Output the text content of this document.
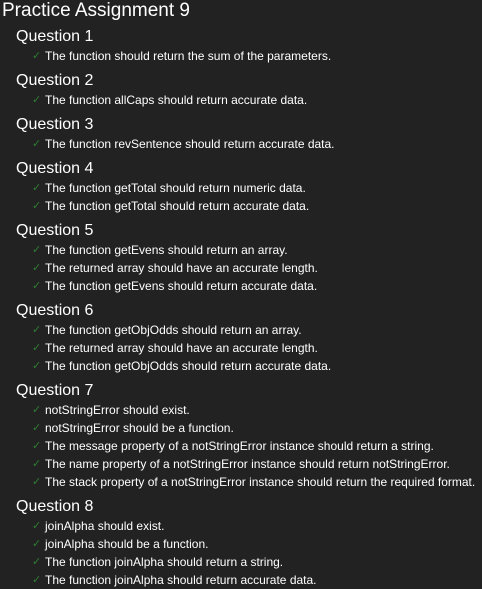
Practice Assignment 9
Question 1
✓ The function should return the sum of the parameters.
Question 2
✓ The function allCaps should return accurate data.
Question 3
✓ The function revSentence should return accurate data.
Question 4
✓ The function getTotal should return numeric data.
✓ The function getTotal should return accurate data.
Question 5
✓ The function getEvens should return an array.
✓ The returned array should have an accurate length.
✓ The function getEvens should return accurate data.
Question 6
✓ The function getObjOdds should return an array.
✓ The returned array should have an accurate length.
✓ The function getObjOdds should return accurate data.
Question 7
✓ notStringError should exist.
✓ notStringError should be a function.
✓ The message property of a notStringError instance should return a string.
✓ The name property of a notStringError instance should return notStringError.
✓ The stack property of a notStringError instance should return the required format.
Question 8
✓ joinAlpha should exist.
✓ joinAlpha should be a function.
✓ The function joinAlpha should return a string.
✓ The function joinAlpha should return accurate data.
